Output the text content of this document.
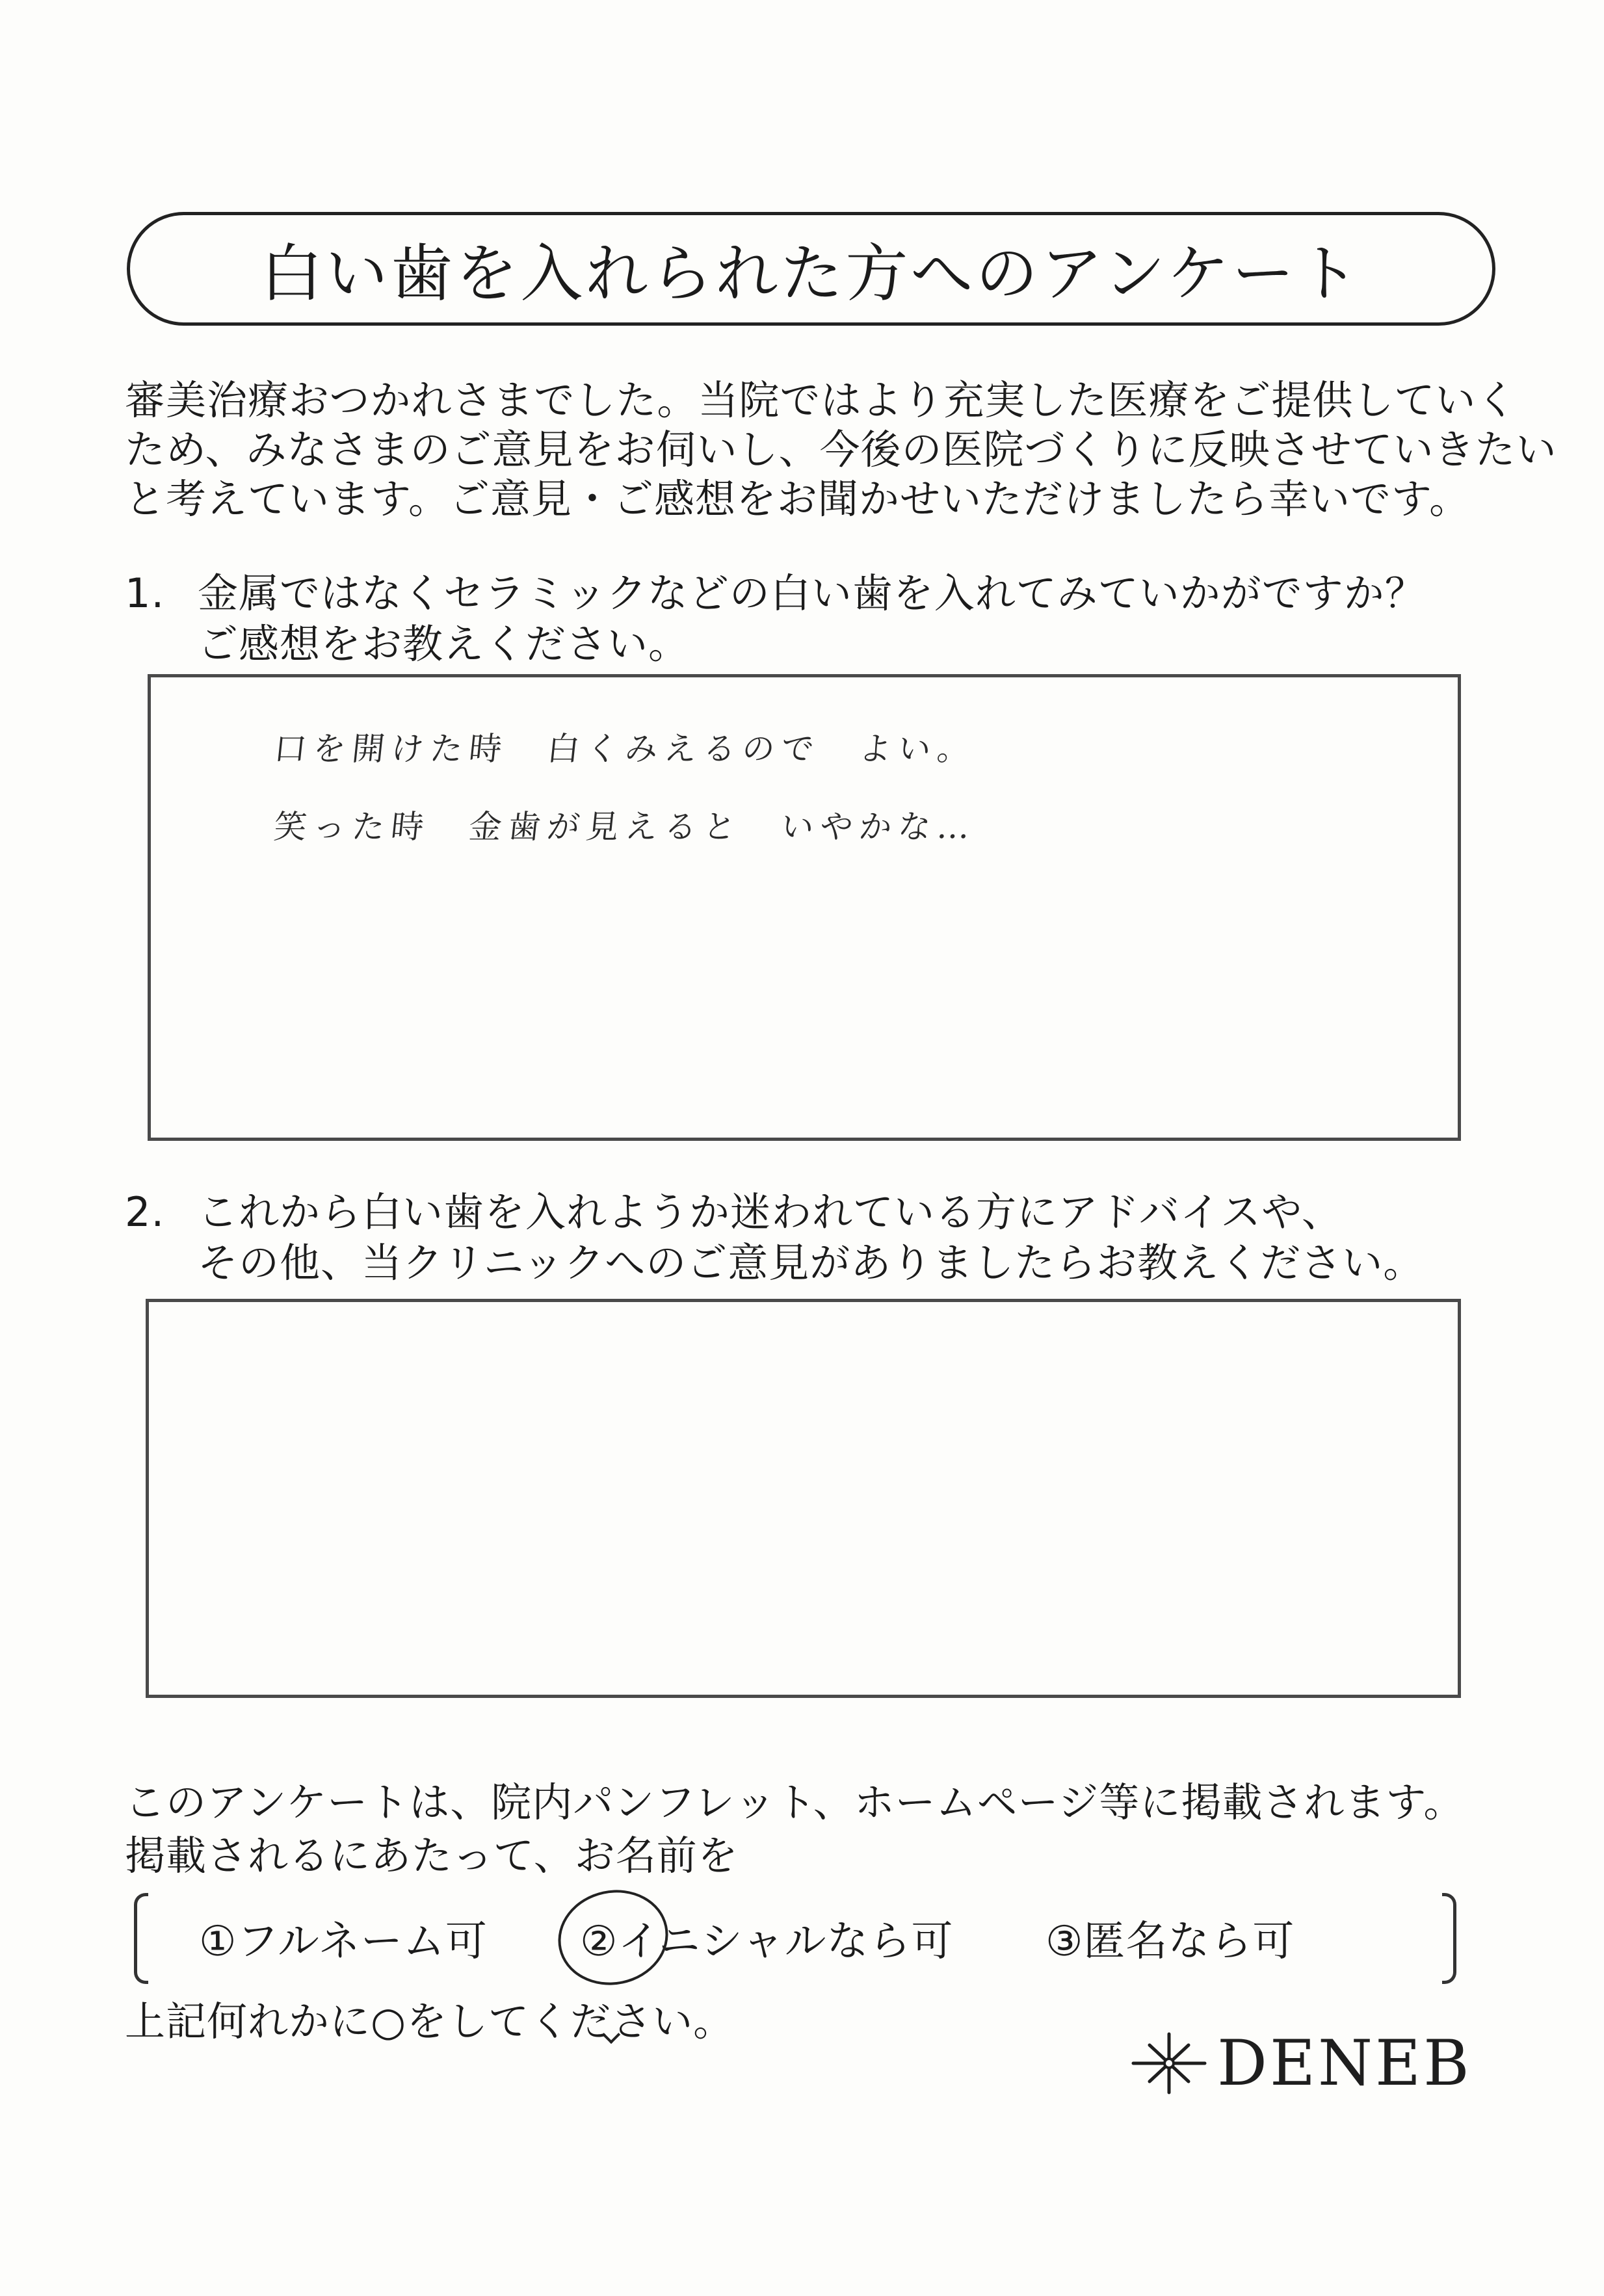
白い歯を入れられた方へのアンケート
審美治療おつかれさまでした。当院ではより充実した医療をご提供していく
ため、みなさまのご意見をお伺いし、今後の医院づくりに反映させていきたい
と考えています。ご意見・ご感想をお聞かせいただけましたら幸いです。
1. 金属ではなくセラミックなどの白い歯を入れてみていかがですか？
ご感想をお教えください。
口を開けた時　白くみえるので　よい。
笑った時　金歯が見えると　いやかな…
2. これから白い歯を入れようか迷われている方にアドバイスや、
その他、当クリニックへのご意見がありましたらお教えください。
このアンケートは、院内パンフレット、ホームページ等に掲載されます。
掲載されるにあたって、お名前を
①フルネーム可 ②イニシャルなら可 ③匿名なら可
上記何れかに○をしてください。
DENEB
